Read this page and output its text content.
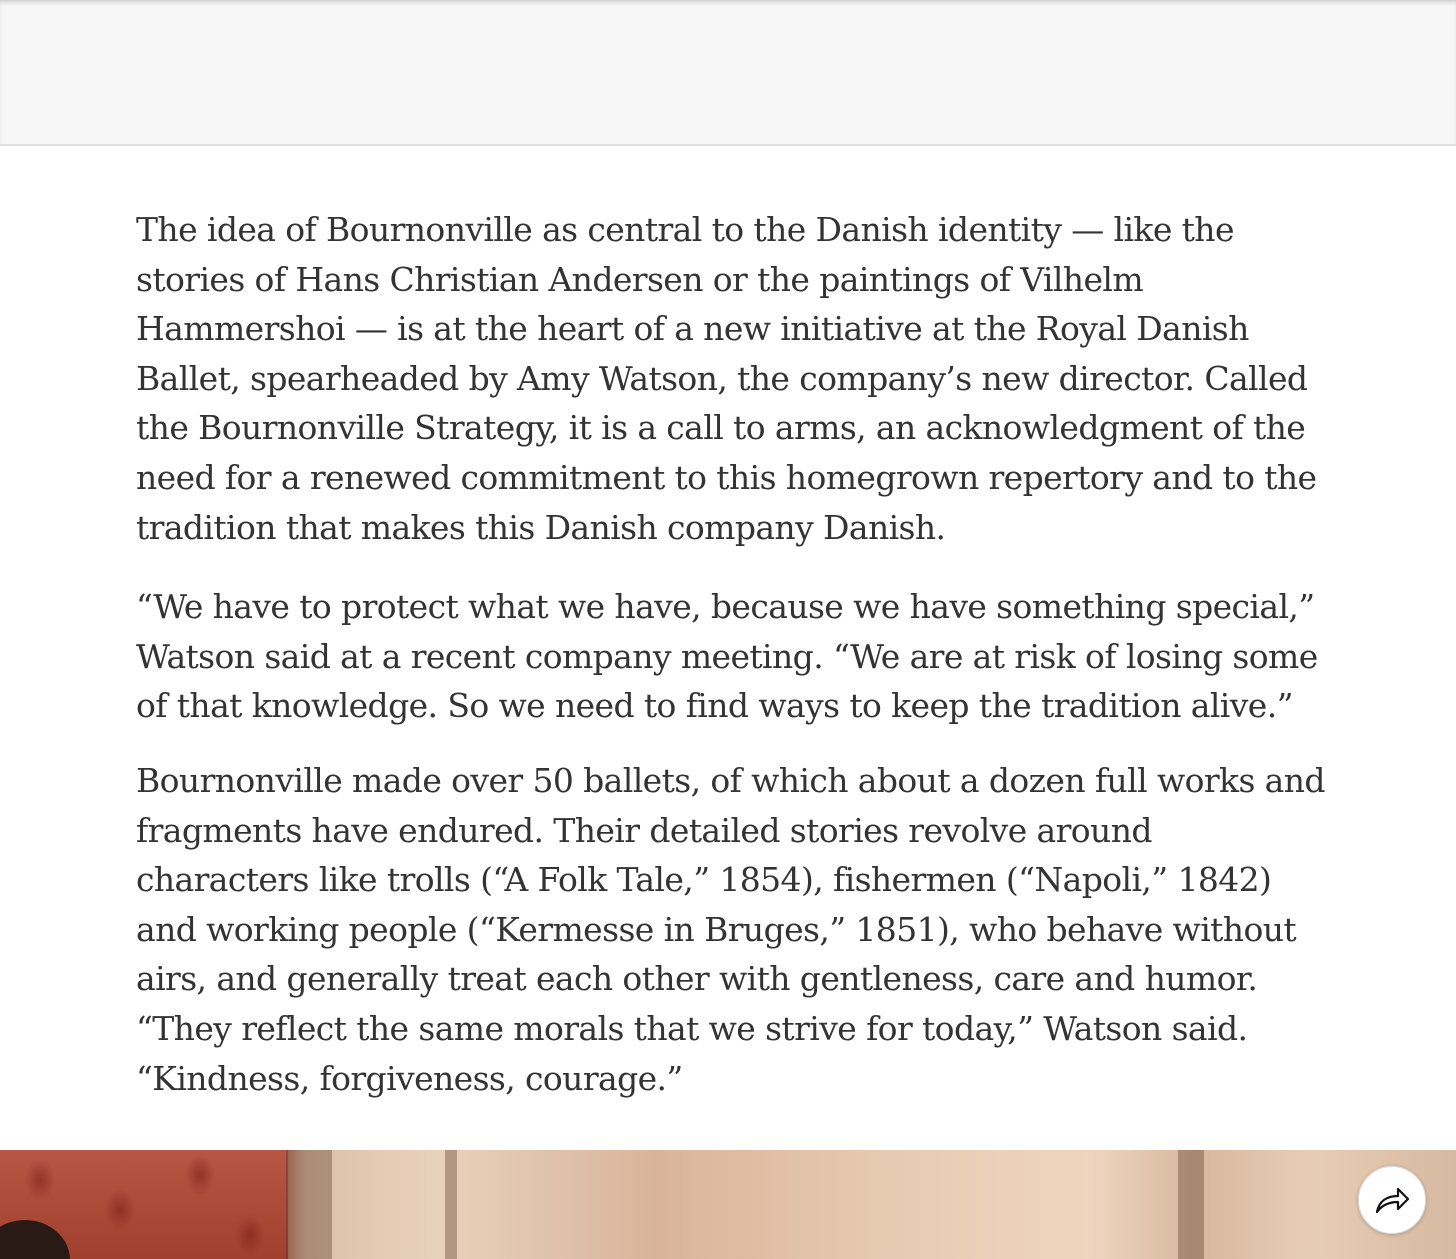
The idea of Bournonville as central to the Danish identity — like the stories of Hans Christian Andersen or the paintings of Vilhelm Hammershoi — is at the heart of a new initiative at the Royal Danish Ballet, spearheaded by Amy Watson, the company’s new director. Called the Bournonville Strategy, it is a call to arms, an acknowledgment of the need for a renewed commitment to this homegrown repertory and to the tradition that makes this Danish company Danish.

“We have to protect what we have, because we have something special,” Watson said at a recent company meeting. “We are at risk of losing some of that knowledge. So we need to find ways to keep the tradition alive.”

Bournonville made over 50 ballets, of which about a dozen full works and fragments have endured. Their detailed stories revolve around characters like trolls (“A Folk Tale,” 1854), fishermen (“Napoli,” 1842) and working people (“Kermesse in Bruges,” 1851), who behave without airs, and generally treat each other with gentleness, care and humor. “They reflect the same morals that we strive for today,” Watson said. “Kindness, forgiveness, courage.”
